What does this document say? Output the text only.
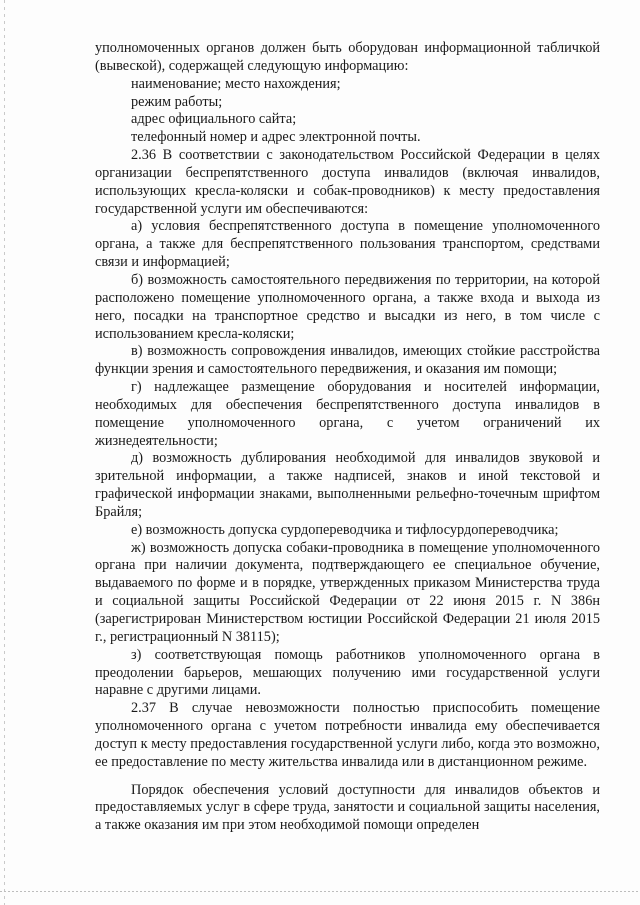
уполномоченных органов должен быть оборудован информационной табличкой (вывеской), содержащей следующую информацию:

наименование; место нахождения;

режим работы;

адрес официального сайта;

телефонный номер и адрес электронной почты.

2.36 В соответствии с законодательством Российской Федерации в целях организации беспрепятственного доступа инвалидов (включая инвалидов, использующих кресла-коляски и собак-проводников) к месту предоставления государственной услуги им обеспечиваются:

а) условия беспрепятственного доступа в помещение уполномоченного органа, а также для беспрепятственного пользования транспортом, средствами связи и информацией;

б) возможность самостоятельного передвижения по территории, на которой расположено помещение уполномоченного органа, а также входа и выхода из него, посадки на транспортное средство и высадки из него, в том числе с использованием кресла-коляски;

в) возможность сопровождения инвалидов, имеющих стойкие расстройства функции зрения и самостоятельного передвижения, и оказания им помощи;

г) надлежащее размещение оборудования и носителей информации, необходимых для обеспечения беспрепятственного доступа инвалидов в помещение уполномоченного органа, с учетом ограничений их жизнедеятельности;

д) возможность дублирования необходимой для инвалидов звуковой и зрительной информации, а также надписей, знаков и иной текстовой и графической информации знаками, выполненными рельефно-точечным шрифтом Брайля;

е) возможность допуска сурдопереводчика и тифлосурдопереводчика;

ж) возможность допуска собаки-проводника в помещение уполномоченного органа при наличии документа, подтверждающего ее специальное обучение, выдаваемого по форме и в порядке, утвержденных приказом Министерства труда и социальной защиты Российской Федерации от 22 июня 2015 г. N 386н (зарегистрирован Министерством юстиции Российской Федерации 21 июля 2015 г., регистрационный N 38115);

з) соответствующая помощь работников уполномоченного органа в преодолении барьеров, мешающих получению ими государственной услуги наравне с другими лицами.

2.37 В случае невозможности полностью приспособить помещение уполномоченного органа с учетом потребности инвалида ему обеспечивается доступ к месту предоставления государственной услуги либо, когда это возможно, ее предоставление по месту жительства инвалида или в дистанционном режиме.

Порядок обеспечения условий доступности для инвалидов объектов и предоставляемых услуг в сфере труда, занятости и социальной защиты населения, а также оказания им при этом необходимой помощи определен
